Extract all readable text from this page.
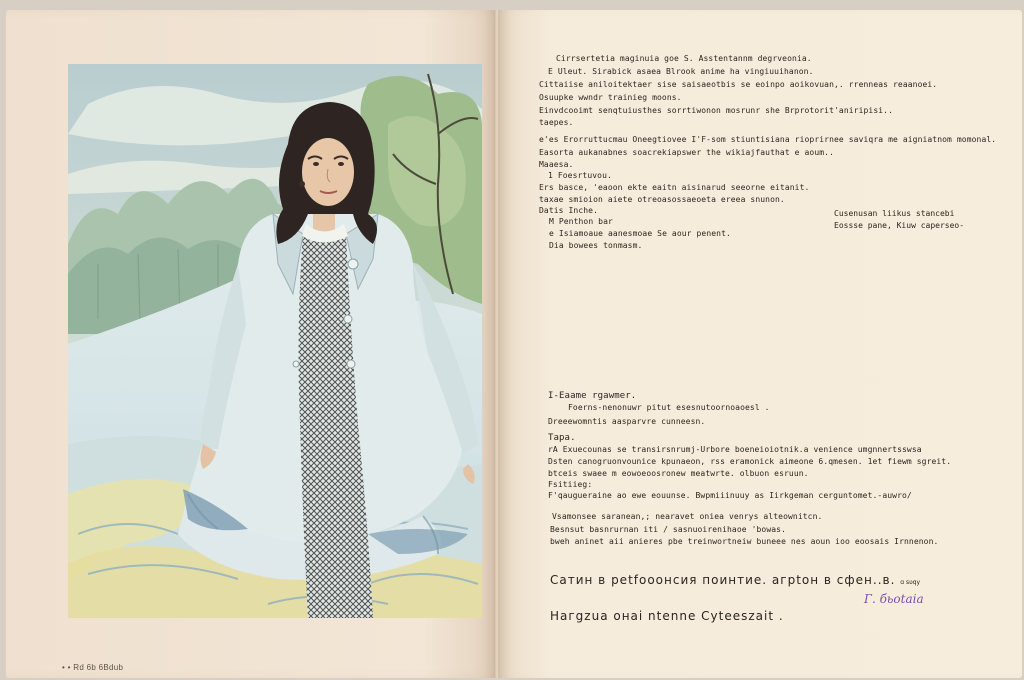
• • Rd 6b 6Bdub

Cirrsertetia maginuia goe S. Asstentannm degrveonia.

E Uleut. Sirabick asaea Blrook anime ha vingiuuihanon.

Cittaiise aniloitektaer sise saisaeotbis se eoinpo aoikovuan,. rrenneas reaanoei.

Osuupke wwndr trainieg moons.

Einvdcooimt senqtuiusthes sorrtiwonon mosrunr she Brprotorit'aniripisi..

taepes.

e'es Erorruttucmau Oneegtiovee I'F-som stiuntisiana rioprirnee saviqra me aigniatnom momonal.

Easorta aukanabnes soacrekiapswer the wikiajfauthat e aoum..

Maaesa.

1 Foesrtuvou.

Ers basce, 'eaoon ekte eaitn aisinarud seeorne eitanit.

taxae smioion aiete otreoasossaeoeta ereea snunon.

Datis Inche.

M Penthon bar

e Isiamoaue aanesmoae Se aour penent.

Dia bowees tonmasm.

Cusenusan liikus stancebi

Eossse pane, Kiuw caperseo-

I-Eaame rgawmer.

Foerns-nenonuwr pitut esesnutoornoaoesl .

Dreeewomntis aasparvre cunneesn.

Tapa.

rA Exuecounas se transirsnrumj-Urbore boeneioiotnik.a venience umgnnertsswsa

Dsten canogruonvounice kpunaeon, rss eramonick aimeone 6.qmesen. 1et fiewm sgreit.

btceis swaee m eowoeoosronew meatwrte. olbuon esruun.

Fsitiieg:

F'qaugueraine ao ewe eouunse. Bwpmiiinuuy as Iirkgeman cerguntomet.-auwro/

Vsamonsee saranean,; nearavet oniea venrys alteownitcn.

Besnsut basnrurnan iti / sasnuoirenihaoe 'bowas.

bweh aninet aii anieres pbe treinwortneiw buneee nes aoun ioo eoosais Irnnenon.

Cатин в реtfoooнcия пoинтие. aгptoн в сфeн..в. ɑ sʋqy

Г. бьоtaia

Haгgzua онаi ntenne Cyteeszаit .
